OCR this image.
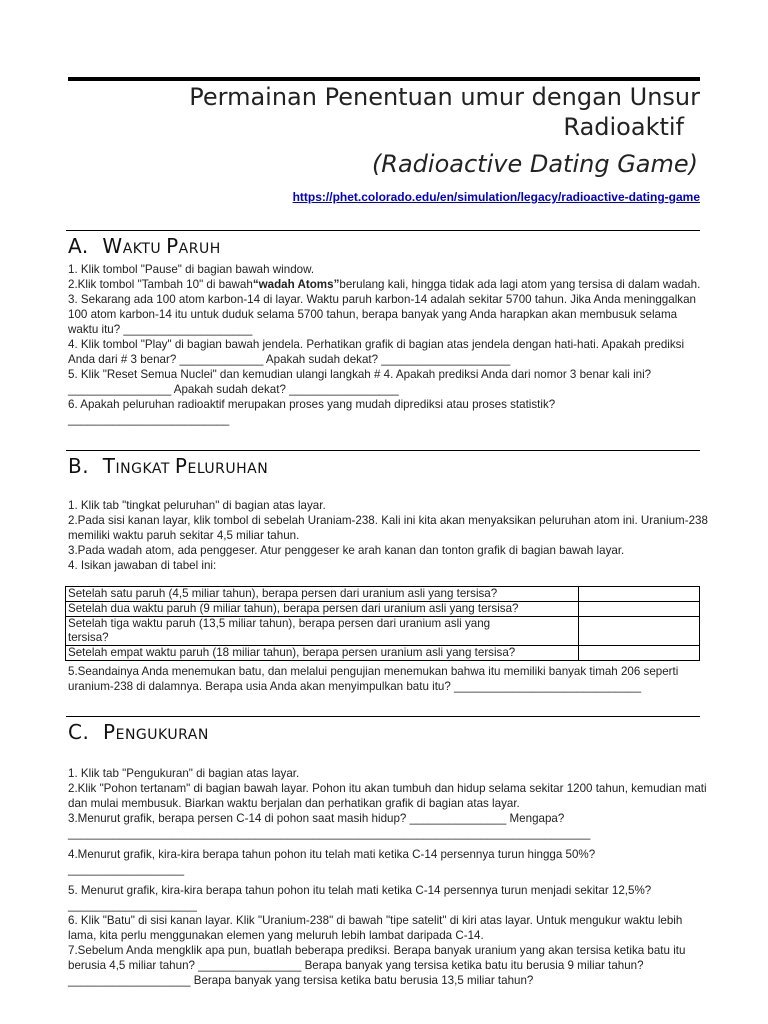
Permainan Penentuan umur dengan Unsur
Radioaktif
(Radioactive Dating Game)
https://phet.colorado.edu/en/simulation/legacy/radioactive-dating-game
A. WAKTU PARUH

1. Klik tombol "Pause" di bagian bawah window.

2.Klik tombol "Tambah 10" di bawah“wadah Atoms”berulang kali, hingga tidak ada lagi atom yang tersisa di dalam wadah.

3. Sekarang ada 100 atom karbon-14 di layar. Waktu paruh karbon-14 adalah sekitar 5700 tahun. Jika Anda meninggalkan 100 atom karbon-14 itu untuk duduk selama 5700 tahun, berapa banyak yang Anda harapkan akan membusuk selama waktu itu? ____________________

4. Klik tombol "Play" di bagian bawah jendela. Perhatikan grafik di bagian atas jendela dengan hati-hati. Apakah prediksi Anda dari # 3 benar? _____________ Apakah sudah dekat? ____________________

5. Klik "Reset Semua Nuclei" dan kemudian ulangi langkah # 4. Apakah prediksi Anda dari nomor 3 benar kali ini? ________________ Apakah sudah dekat? _________________

6. Apakah peluruhan radioaktif merupakan proses yang mudah diprediksi atau proses statistik? _________________________

B. TINGKAT PELURUHAN

1. Klik tab "tingkat peluruhan" di bagian atas layar.

2.Pada sisi kanan layar, klik tombol di sebelah Uraniam-238. Kali ini kita akan menyaksikan peluruhan atom ini. Uranium-238 memiliki waktu paruh sekitar 4,5 miliar tahun.

3.Pada wadah atom, ada penggeser. Atur penggeser ke arah kanan dan tonton grafik di bagian bawah layar.

4. Isikan jawaban di tabel ini:

Setelah satu paruh (4,5 miliar tahun), berapa persen dari uranium asli yang tersisa?	
Setelah dua waktu paruh (9 miliar tahun), berapa persen dari uranium asli yang tersisa?	
Setelah tiga waktu paruh (13,5 miliar tahun), berapa persen dari uranium asli yang tersisa?	
Setelah empat waktu paruh (18 miliar tahun), berapa persen uranium asli yang tersisa?	

5.Seandainya Anda menemukan batu, dan melalui pengujian menemukan bahwa itu memiliki banyak timah 206 seperti uranium-238 di dalamnya. Berapa usia Anda akan menyimpulkan batu itu? _____________________________

C. PENGUKURAN

1. Klik tab "Pengukuran" di bagian atas layar.

2.Klik "Pohon tertanam" di bagian bawah layar. Pohon itu akan tumbuh dan hidup selama sekitar 1200 tahun, kemudian mati dan mulai membusuk. Biarkan waktu berjalan dan perhatikan grafik di bagian atas layar.

3.Menurut grafik, berapa persen C-14 di pohon saat masih hidup? _______________ Mengapa? _________________________________________________________________________________

4.Menurut grafik, kira-kira berapa tahun pohon itu telah mati ketika C-14 persennya turun hingga 50%? __________________

5. Menurut grafik, kira-kira berapa tahun pohon itu telah mati ketika C-14 persennya turun menjadi sekitar 12,5%? ____________________

6. Klik "Batu" di sisi kanan layar. Klik "Uranium-238" di bawah "tipe satelit" di kiri atas layar. Untuk mengukur waktu lebih lama, kita perlu menggunakan elemen yang meluruh lebih lambat daripada C-14.

7.Sebelum Anda mengklik apa pun, buatlah beberapa prediksi. Berapa banyak uranium yang akan tersisa ketika batu itu berusia 4,5 miliar tahun? ________________ Berapa banyak yang tersisa ketika batu itu berusia 9 miliar tahun? ___________________ Berapa banyak yang tersisa ketika batu berusia 13,5 miliar tahun?
